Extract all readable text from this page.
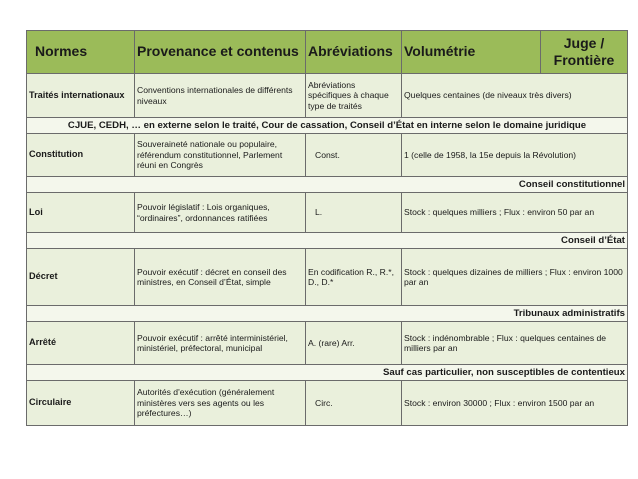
Normes	Provenance et contenus	Abréviations	Volumétrie	Juge / Frontière
Traités internationaux	Conventions internationales de différents niveaux	Abréviations spécifiques à chaque type de traités	Quelques centaines (de niveaux très divers)	
CJUE, CEDH, … en externe selon le traité, Cour de cassation, Conseil d’État en interne selon le domaine juridique				
Constitution	Souveraineté nationale ou populaire, référendum constitutionnel, Parlement réuni en Congrès	Const.	1 (celle de 1958, la 15e depuis la Révolution)	
Conseil constitutionnel				
Loi	Pouvoir législatif : Lois organiques, “ordinaires”, ordonnances ratifiées	L.	Stock : quelques milliers ; Flux : environ 50 par an	
Conseil d’État				
Décret	Pouvoir exécutif : décret en conseil des ministres, en Conseil d’État, simple	En codification R., R.*, D., D.*	Stock : quelques dizaines de milliers ; Flux : environ 1000 par an	
Tribunaux administratifs				
Arrêté	Pouvoir exécutif : arrêté interministériel, ministériel, préfectoral, municipal	A. (rare) Arr.	Stock : indénombrable ; Flux : quelques centaines de milliers par an	
Sauf cas particulier, non susceptibles de contentieux				
Circulaire	Autorités d'exécution (généralement ministères vers ses agents ou les préfectures…)	Circ.	Stock : environ 30000 ; Flux : environ 1500 par an	
